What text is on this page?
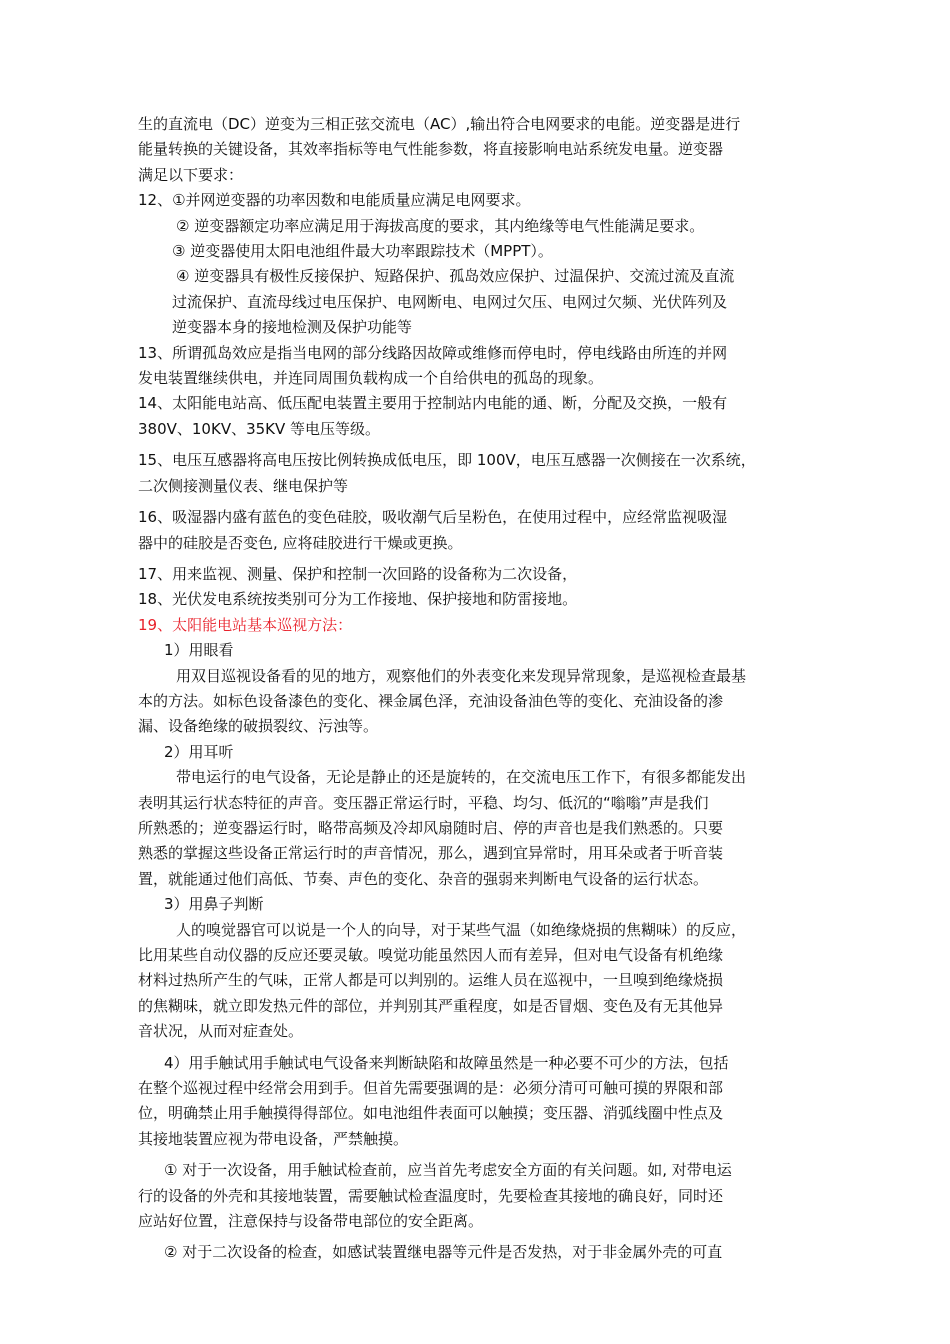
生的直流电（DC）逆变为三相正弦交流电（AC）,输出符合电网要求的电能。逆变器是进行
能量转换的关键设备，其效率指标等电气性能参数，将直接影响电站系统发电量。逆变器
满足以下要求：
12、①并网逆变器的功率因数和电能质量应满足电网要求。
② 逆变器额定功率应满足用于海拔高度的要求，其内绝缘等电气性能满足要求。
③ 逆变器使用太阳电池组件最大功率跟踪技术（MPPT）。
④ 逆变器具有极性反接保护、短路保护、孤岛效应保护、过温保护、交流过流及直流
过流保护、直流母线过电压保护、电网断电、电网过欠压、电网过欠频、光伏阵列及
逆变器本身的接地检测及保护功能等
13、所谓孤岛效应是指当电网的部分线路因故障或维修而停电时，停电线路由所连的并网
发电装置继续供电，并连同周围负载构成一个自给供电的孤岛的现象。
14、太阳能电站高、低压配电装置主要用于控制站内电能的通、断，分配及交换，一般有
380V、10KV、35KV 等电压等级。
15、电压互感器将高电压按比例转换成低电压，即 100V，电压互感器一次侧接在一次系统，
二次侧接测量仪表、继电保护等
16、吸湿器内盛有蓝色的变色硅胶，吸收潮气后呈粉色，在使用过程中，应经常监视吸湿
器中的硅胶是否变色, 应将硅胶进行干燥或更换。
17、用来监视、测量、保护和控制一次回路的设备称为二次设备，
18、光伏发电系统按类别可分为工作接地、保护接地和防雷接地。
19、太阳能电站基本巡视方法：
1）用眼看
用双目巡视设备看的见的地方，观察他们的外表变化来发现异常现象，是巡视检查最基
本的方法。如标色设备漆色的变化、裸金属色泽，充油设备油色等的变化、充油设备的渗
漏、设备绝缘的破损裂纹、污浊等。
2）用耳听
带电运行的电气设备，无论是静止的还是旋转的，在交流电压工作下，有很多都能发出
表明其运行状态特征的声音。变压器正常运行时，平稳、均匀、低沉的“嗡嗡”声是我们
所熟悉的；逆变器运行时，略带高频及冷却风扇随时启、停的声音也是我们熟悉的。只要
熟悉的掌握这些设备正常运行时的声音情况，那么，遇到宜异常时，用耳朵或者于听音装
置，就能通过他们高低、节奏、声色的变化、杂音的强弱来判断电气设备的运行状态。
3）用鼻子判断
人的嗅觉器官可以说是一个人的向导，对于某些气温（如绝缘烧损的焦糊味）的反应，
比用某些自动仪器的反应还要灵敏。嗅觉功能虽然因人而有差异，但对电气设备有机绝缘
材料过热所产生的气味，正常人都是可以判别的。运维人员在巡视中，一旦嗅到绝缘烧损
的焦糊味，就立即发热元件的部位，并判别其严重程度，如是否冒烟、变色及有无其他异
音状况，从而对症查处。
4）用手触试用手触试电气设备来判断缺陷和故障虽然是一种必要不可少的方法，包括
在整个巡视过程中经常会用到手。但首先需要强调的是：必须分清可可触可摸的界限和部
位，明确禁止用手触摸得得部位。如电池组件表面可以触摸；变压器、消弧线圈中性点及
其接地装置应视为带电设备，严禁触摸。
① 对于一次设备，用手触试检查前，应当首先考虑安全方面的有关问题。如, 对带电运
行的设备的外壳和其接地装置，需要触试检查温度时，先要检查其接地的确良好，同时还
应站好位置，注意保持与设备带电部位的安全距离。
② 对于二次设备的检查，如感试装置继电器等元件是否发热，对于非金属外壳的可直
